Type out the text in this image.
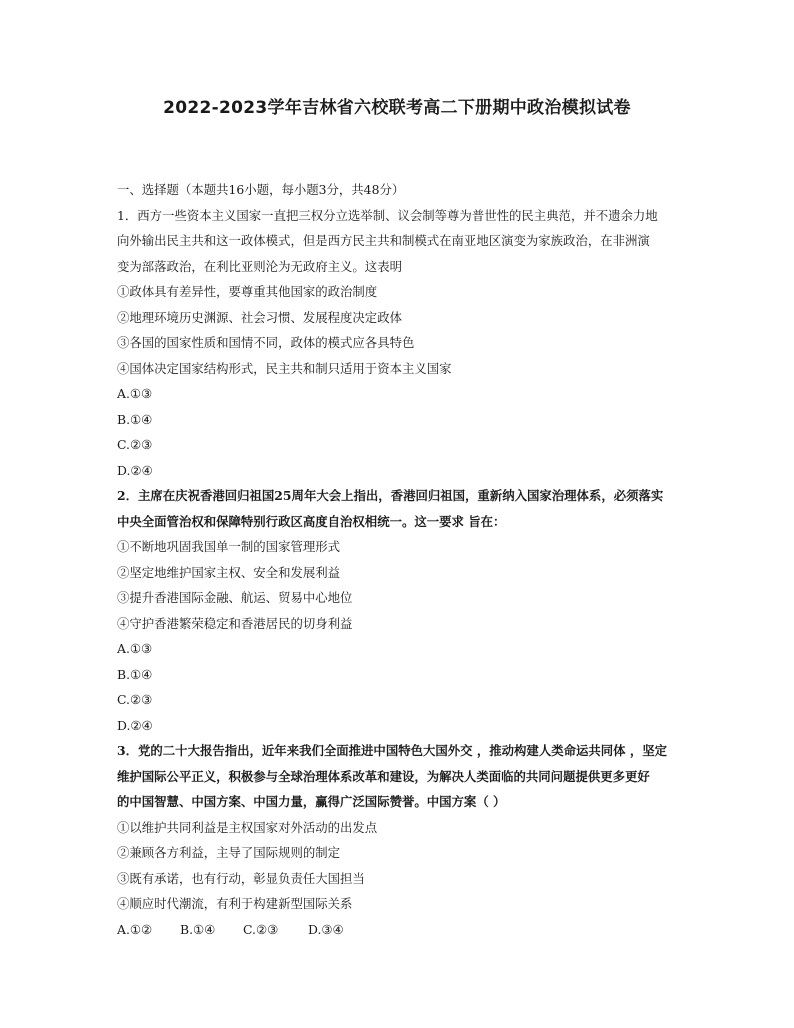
2022-2023学年吉林省六校联考高二下册期中政治模拟试卷
一、选择题（本题共16小题，每小题3分，共48分）
1．西方一些资本主义国家一直把三权分立选举制、议会制等尊为普世性的民主典范，并不遗余力地
向外输出民主共和这一政体模式，但是西方民主共和制模式在南亚地区演变为家族政治，在非洲演
变为部落政治，在利比亚则沦为无政府主义。这表明
①政体具有差异性，要尊重其他国家的政治制度
②地理环境历史渊源、社会习惯、发展程度决定政体
③各国的国家性质和国情不同，政体的模式应各具特色
④国体决定国家结构形式，民主共和制只适用于资本主义国家
A.①③
B.①④
C.②③
D.②④
2．主席在庆祝香港回归祖国25周年大会上指出，香港回归祖国，重新纳入国家治理体系，必须落实
中央全面管治权和保障特别行政区高度自治权相统一。这一要求 旨在：
①不断地巩固我国单一制的国家管理形式
②坚定地维护国家主权、安全和发展利益
③提升香港国际金融、航运、贸易中心地位
④守护香港繁荣稳定和香港居民的切身利益
A.①③
B.①④
C.②③
D.②④
3．党的二十大报告指出，近年来我们全面推进中国特色大国外交 ，推动构建人类命运共同体 ，坚定
维护国际公平正义，积极参与全球治理体系改革和建设，为解决人类面临的共同问题提供更多更好
的中国智慧、中国方案、中国力量，赢得广泛国际赞誉。中国方案（ ）
①以维护共同利益是主权国家对外活动的出发点
②兼顾各方利益，主导了国际规则的制定
③既有承诺，也有行动，彰显负责任大国担当
④顺应时代潮流，有利于构建新型国际关系
A.①②	B.①④	C.②③	D.③④
